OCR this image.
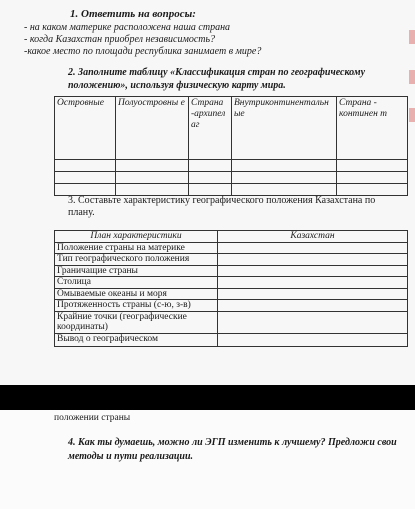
1. Ответить на вопросы:
- на каком материке расположена наша страна
- когда Казахстан приобрел независимость?
-какое место по площади республика занимает в мире?
2. Заполните таблицу «Классификация стран по географическому положению», используя физическую карту мира.
Островные	Полуостровны е	Страна -архипел аг	Внутриконтинентальн ые	Страна - континен т

3. Составьте характеристику географического положения Казахстана по плану.
План характеристики	Казахстан
Положение страны на материке	
Тип географического положения	
Граничащие страны	
Столица	
Омываемые океаны и моря	
Протяженность страны (с-ю, з-в)	
Крайние точки (географические координаты)	
Вывод о географическом	
положении страны
4. Как ты думаешь, можно ли ЭГП изменить к лучшему? Предложи свои методы и пути реализации.
